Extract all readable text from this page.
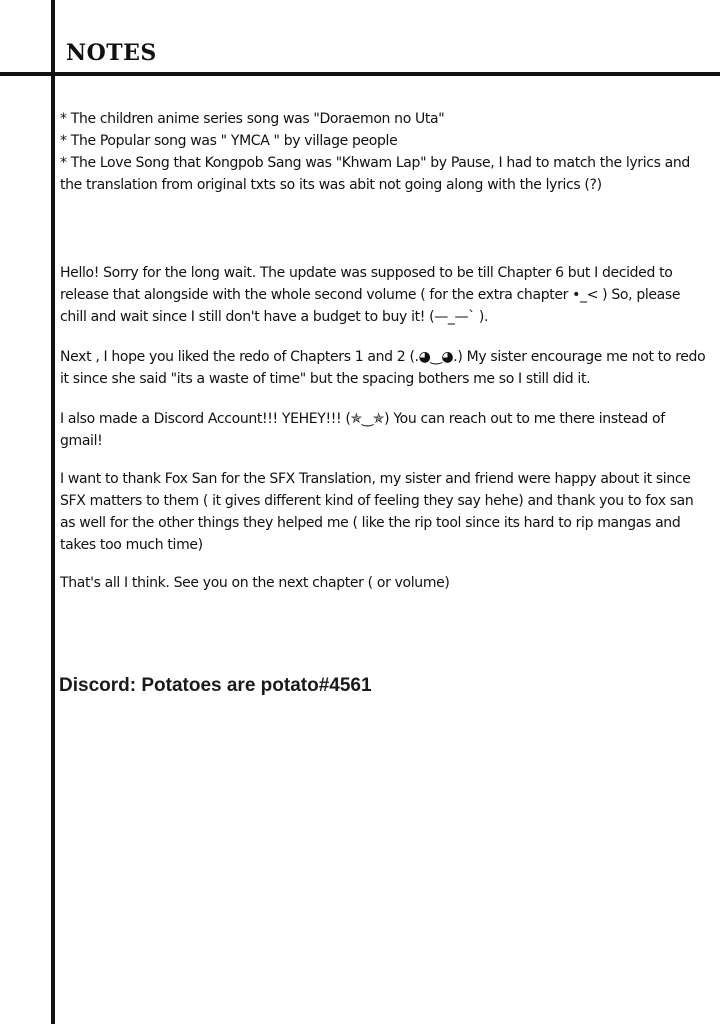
NOTES
* The children anime series song was "Doraemon no Uta"
* The Popular song was " YMCA " by village people
* The Love Song that Kongpob Sang was "Khwam Lap" by Pause, I had to match the lyrics and the translation from original txts so its was abit not going along with the lyrics (?)

Hello! Sorry for the long wait. The update was supposed to be till Chapter 6 but I decided to release that alongside with the whole second volume ( for the extra chapter •_< ) So, please chill and wait since I still don't have a budget to buy it! (—_—` ).

Next , I hope you liked the redo of Chapters 1 and 2 (.◕‿◕.) My sister encourage me not to redo it since she said "its a waste of time" but the spacing bothers me so I still did it.

I also made a Discord Account!!! YEHEY!!! (✯‿✯) You can reach out to me there instead of gmail!

I want to thank Fox San for the SFX Translation, my sister and friend were happy about it since SFX matters to them ( it gives different kind of feeling they say hehe) and thank you to fox san as well for the other things they helped me ( like the rip tool since its hard to rip mangas and takes too much time)

That's all I think. See you on the next chapter ( or volume)

Discord: Potatoes are potato#4561
